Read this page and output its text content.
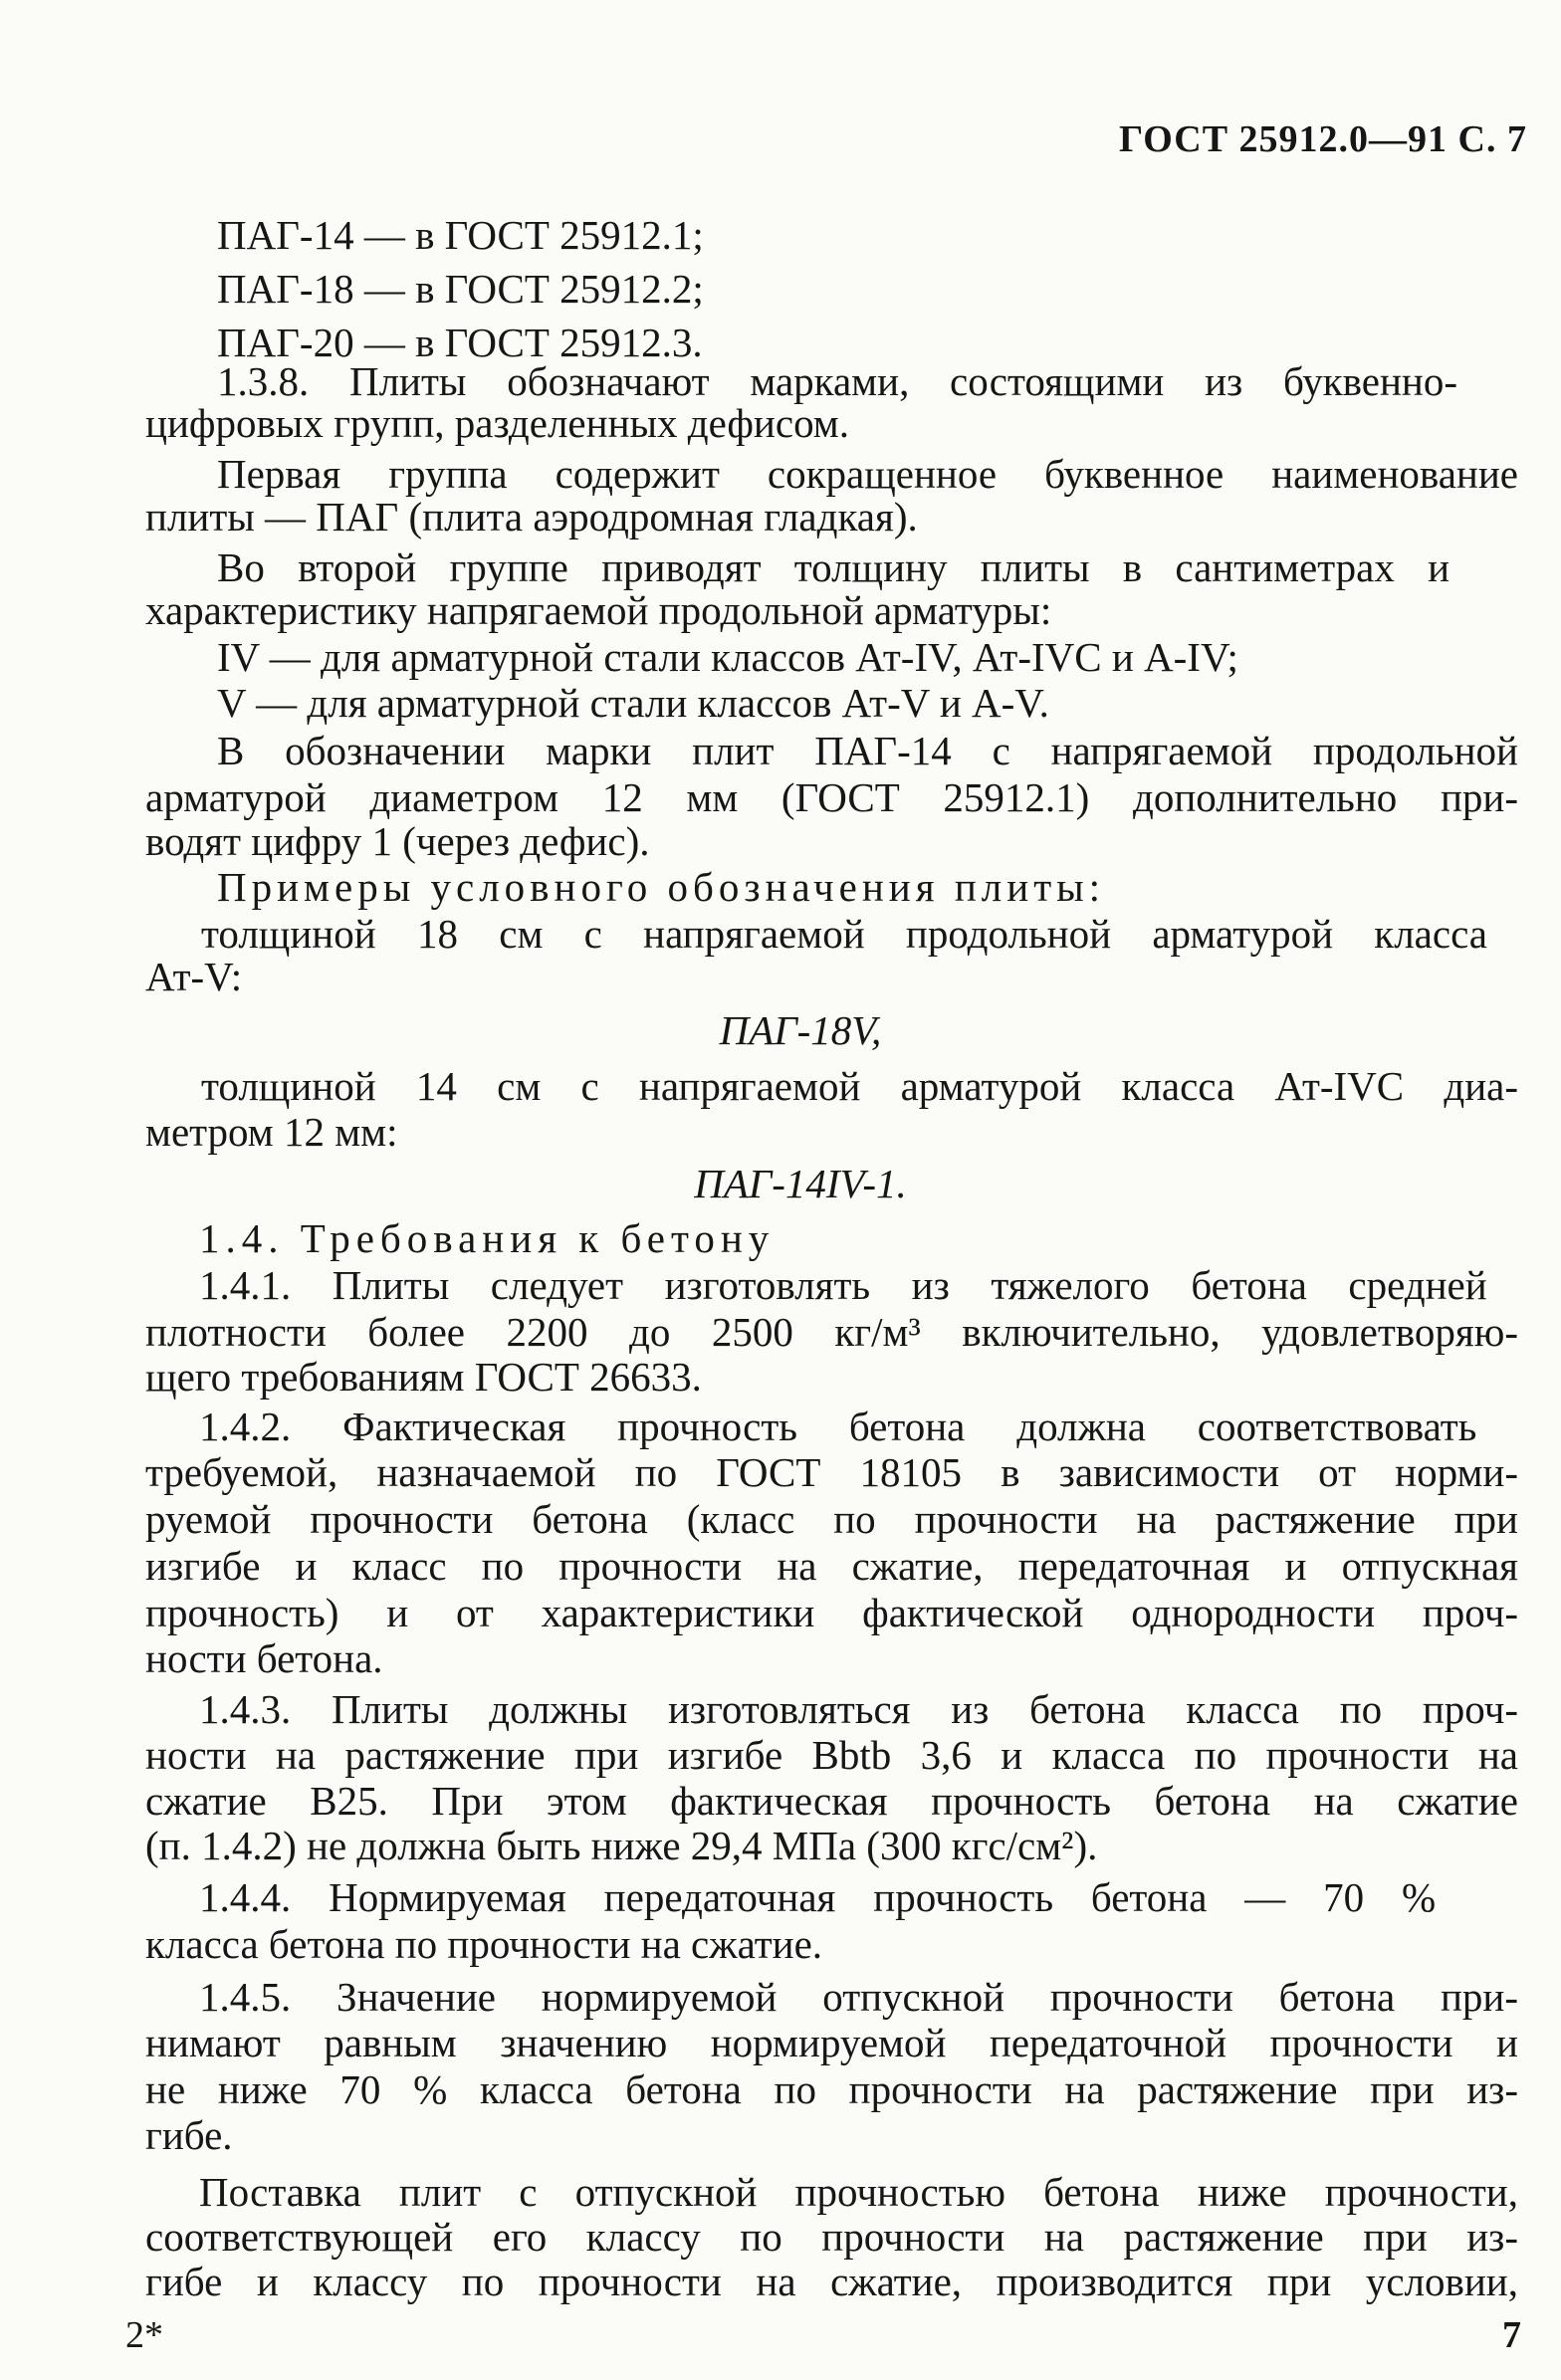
ГОСТ 25912.0—91 С. 7
ПАГ-14 — в ГОСТ 25912.1;
ПАГ-18 — в ГОСТ 25912.2;
ПАГ-20 — в ГОСТ 25912.3.
1.3.8. Плиты обозначают марками, состоящими из буквенно-
цифровых групп, разделенных дефисом.
Первая группа содержит сокращенное буквенное наименование
плиты — ПАГ (плита аэродромная гладкая).
Во второй группе приводят толщину плиты в сантиметрах и
характеристику напрягаемой продольной арматуры:
IV — для арматурной стали классов Ат-IV, Ат-IVC и А-IV;
V — для арматурной стали классов Ат-V и А-V.
В обозначении марки плит ПАГ-14 с напрягаемой продольной
арматурой диаметром 12 мм (ГОСТ 25912.1) дополнительно при-
водят цифру 1 (через дефис).
Примеры условного обозначения плиты:
толщиной 18 см с напрягаемой продольной арматурой класса
Ат-V:
ПАГ-18V,
толщиной 14 см с напрягаемой арматурой класса Ат-IVC диа-
метром 12 мм:
ПАГ-14IV-1.
1.4. Требования к бетону
1.4.1. Плиты следует изготовлять из тяжелого бетона средней
плотности более 2200 до 2500 кг/м³ включительно, удовлетворяю-
щего требованиям ГОСТ 26633.
1.4.2. Фактическая прочность бетона должна соответствовать
требуемой, назначаемой по ГОСТ 18105 в зависимости от норми-
руемой прочности бетона (класс по прочности на растяжение при
изгибе и класс по прочности на сжатие, передаточная и отпускная
прочность) и от характеристики фактической однородности проч-
ности бетона.
1.4.3. Плиты должны изготовляться из бетона класса по проч-
ности на растяжение при изгибе Bbtb 3,6 и класса по прочности на
сжатие В25. При этом фактическая прочность бетона на сжатие
(п. 1.4.2) не должна быть ниже 29,4 МПа (300 кгс/см²).
1.4.4. Нормируемая передаточная прочность бетона — 70 %
класса бетона по прочности на сжатие.
1.4.5. Значение нормируемой отпускной прочности бетона при-
нимают равным значению нормируемой передаточной прочности и
не ниже 70 % класса бетона по прочности на растяжение при из-
гибе.
Поставка плит с отпускной прочностью бетона ниже прочности,
соответствующей его классу по прочности на растяжение при из-
гибе и классу по прочности на сжатие, производится при условии,
2*	7
